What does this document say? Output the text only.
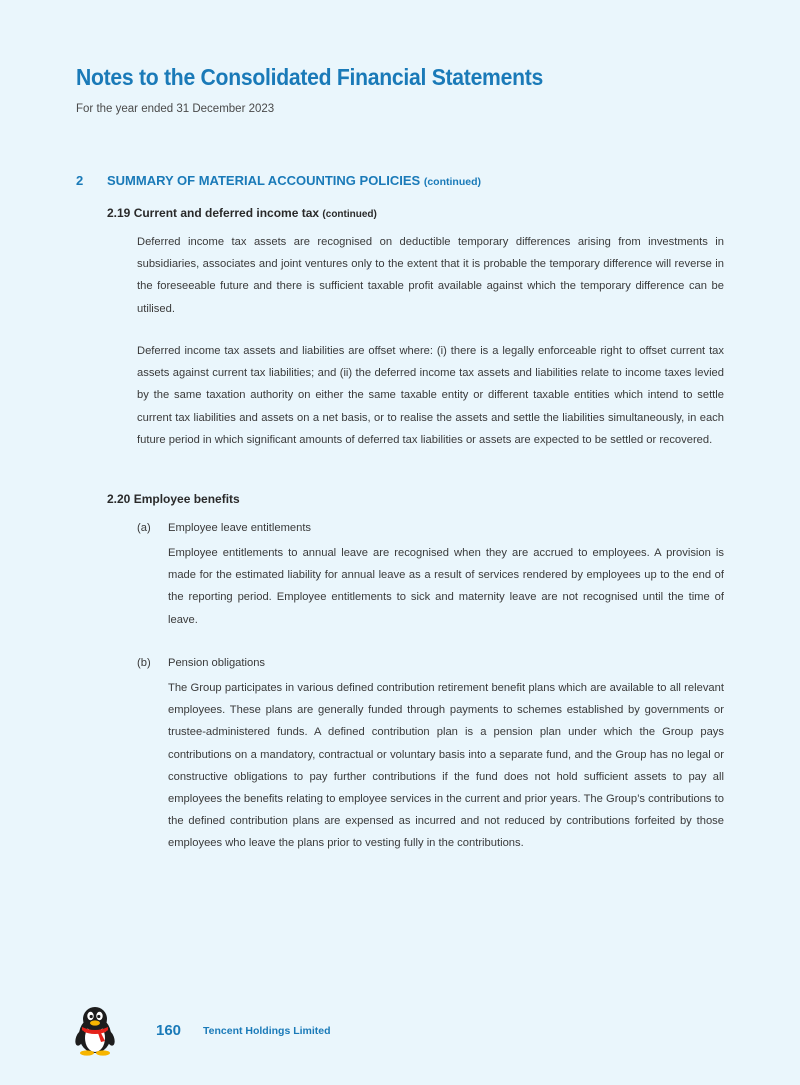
Notes to the Consolidated Financial Statements
For the year ended 31 December 2023
2 SUMMARY OF MATERIAL ACCOUNTING POLICIES (continued)
2.19 Current and deferred income tax (continued)

Deferred income tax assets are recognised on deductible temporary differences arising from investments in subsidiaries, associates and joint ventures only to the extent that it is probable the temporary difference will reverse in the foreseeable future and there is sufficient taxable profit available against which the temporary difference can be utilised.

Deferred income tax assets and liabilities are offset where: (i) there is a legally enforceable right to offset current tax assets against current tax liabilities; and (ii) the deferred income tax assets and liabilities relate to income taxes levied by the same taxation authority on either the same taxable entity or different taxable entities which intend to settle current tax liabilities and assets on a net basis, or to realise the assets and settle the liabilities simultaneously, in each future period in which significant amounts of deferred tax liabilities or assets are expected to be settled or recovered.

2.20 Employee benefits
(a) Employee leave entitlements

Employee entitlements to annual leave are recognised when they are accrued to employees. A provision is made for the estimated liability for annual leave as a result of services rendered by employees up to the end of the reporting period. Employee entitlements to sick and maternity leave are not recognised until the time of leave.

(b) Pension obligations

The Group participates in various defined contribution retirement benefit plans which are available to all relevant employees. These plans are generally funded through payments to schemes established by governments or trustee-administered funds. A defined contribution plan is a pension plan under which the Group pays contributions on a mandatory, contractual or voluntary basis into a separate fund, and the Group has no legal or constructive obligations to pay further contributions if the fund does not hold sufficient assets to pay all employees the benefits relating to employee services in the current and prior years. The Group’s contributions to the defined contribution plans are expensed as incurred and not reduced by contributions forfeited by those employees who leave the plans prior to vesting fully in the contributions.

160 Tencent Holdings Limited
